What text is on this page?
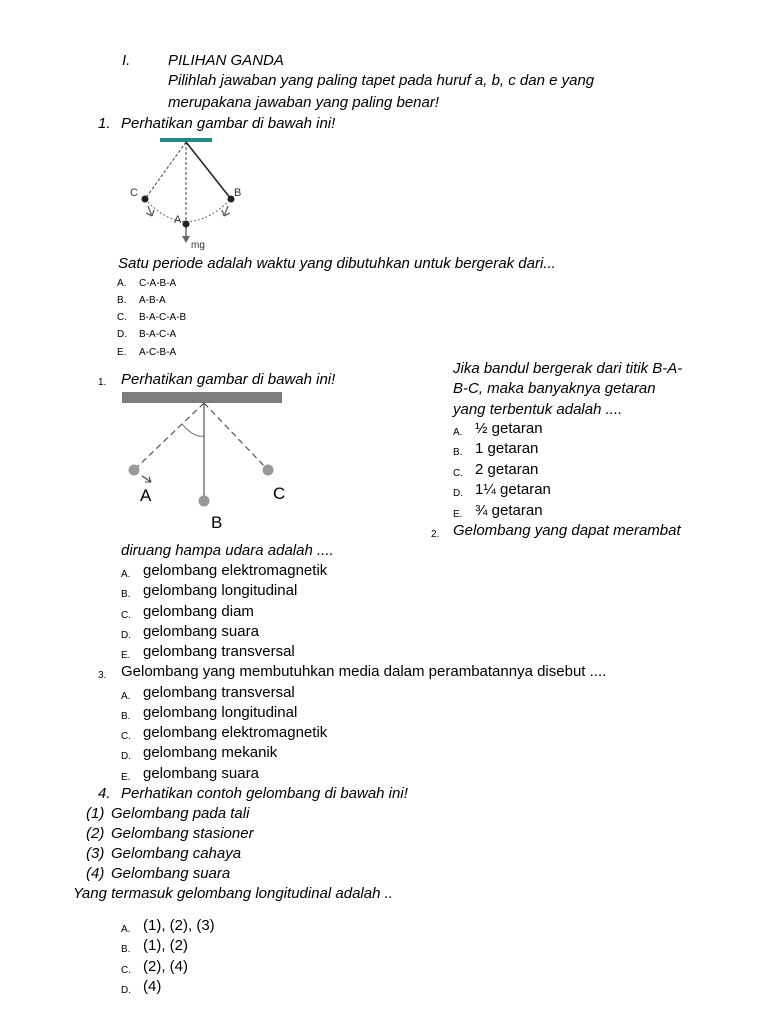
I.	PILIHAN GANDA
Pilihlah jawaban yang paling tapet pada huruf a, b, c dan e yang
merupakana jawaban yang paling benar!
1. Perhatikan gambar di bawah ini!
C	B
A
mg
Satu periode adalah waktu yang dibutuhkan untuk bergerak dari...
A. C-A-B-A
B. A-B-A
C. B-A-C-A-B
D. B-A-C-A
E. A-C-B-A
1. Perhatikan gambar di bawah ini!
A
B
C
Jika bandul bergerak dari titik B-A-
B-C, maka banyaknya getaran
yang terbentuk adalah ....
A. ½ getaran
B. 1 getaran
C. 2 getaran
D. 1¼ getaran
E. ¾ getaran
2. Gelombang yang dapat merambat
diruang hampa udara adalah ....
A. gelombang elektromagnetik
B. gelombang longitudinal
C. gelombang diam
D. gelombang suara
E. gelombang transversal
3. Gelombang yang membutuhkan media dalam perambatannya disebut ....
A. gelombang transversal
B. gelombang longitudinal
C. gelombang elektromagnetik
D. gelombang mekanik
E. gelombang suara
4. Perhatikan contoh gelombang di bawah ini!
(1) Gelombang pada tali
(2) Gelombang stasioner
(3) Gelombang cahaya
(4) Gelombang suara
Yang termasuk gelombang longitudinal adalah ..
A. (1), (2), (3)
B. (1), (2)
C. (2), (4)
D. (4)
